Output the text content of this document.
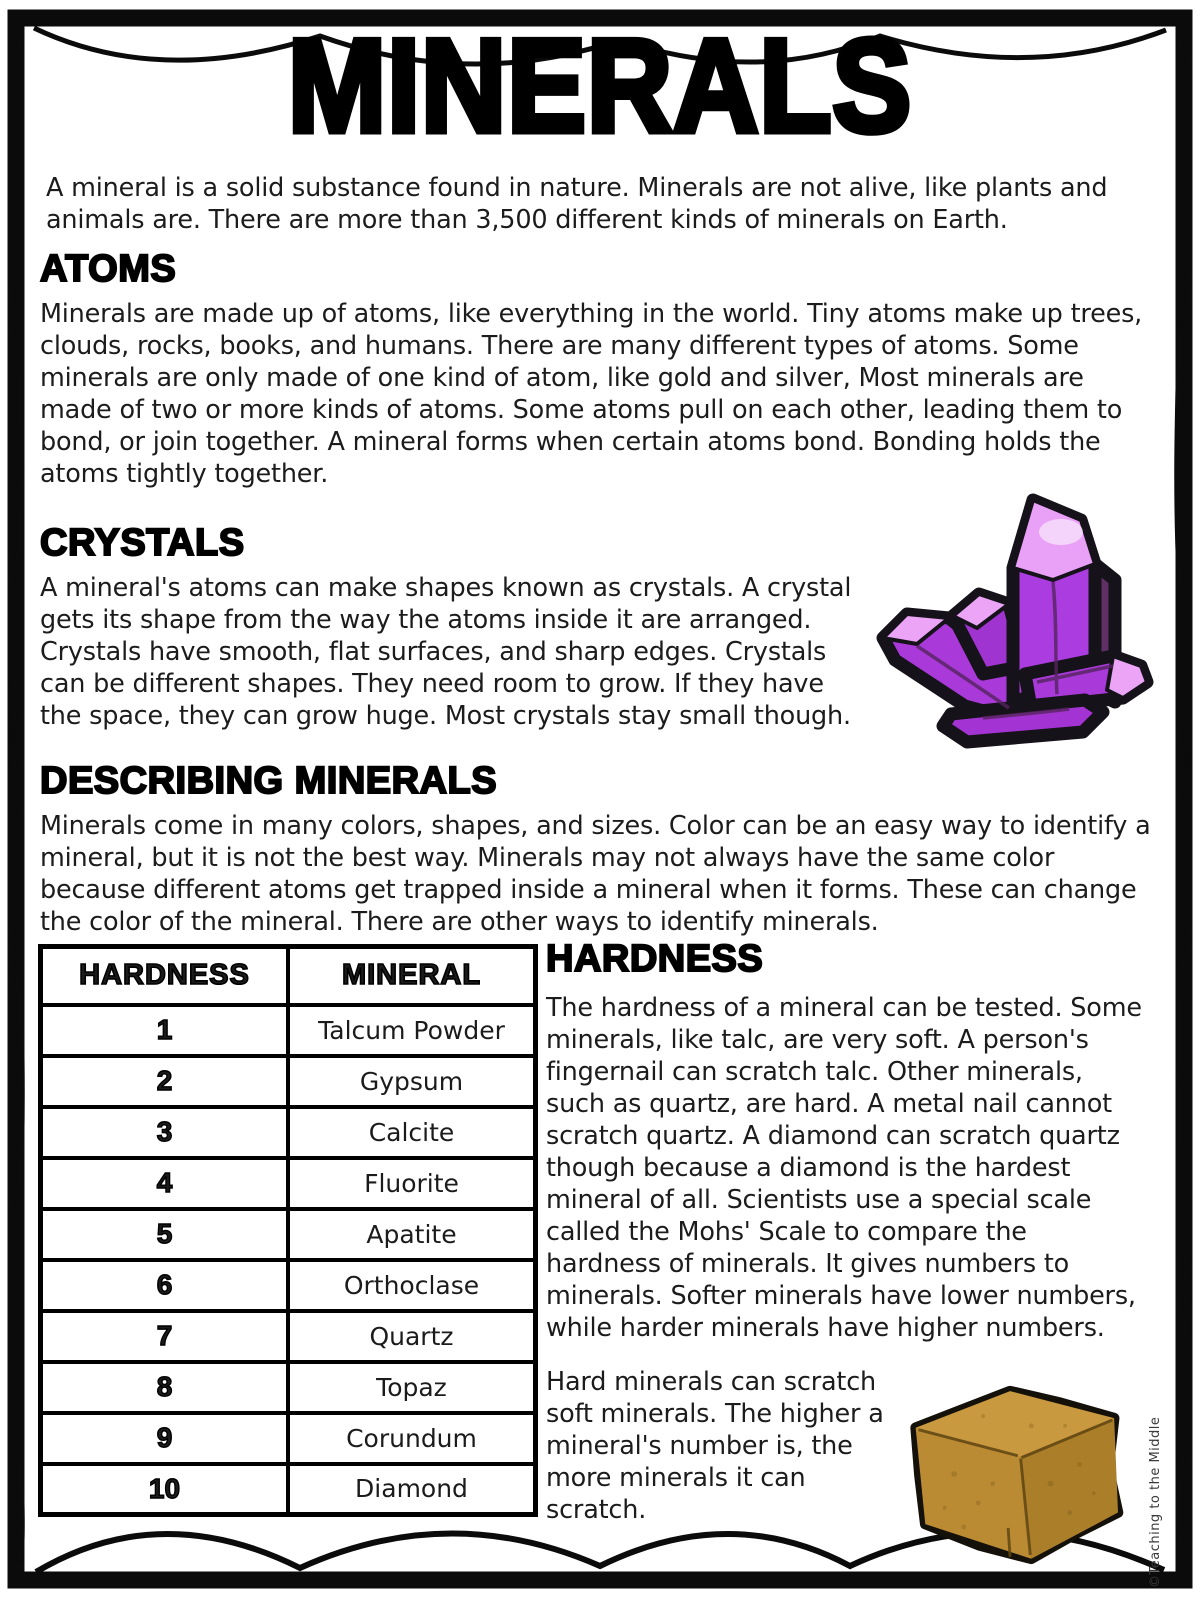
MINERALS

A mineral is a solid substance found in nature. Minerals are not alive, like plants and animals are. There are more than 3,500 different kinds of minerals on Earth.

ATOMS

Minerals are made up of atoms, like everything in the world. Tiny atoms make up trees, clouds, rocks, books, and humans. There are many different types of atoms. Some minerals are only made of one kind of atom, like gold and silver, Most minerals are made of two or more kinds of atoms. Some atoms pull on each other, leading them to bond, or join together. A mineral forms when certain atoms bond. Bonding holds the atoms tightly together.

CRYSTALS

A mineral's atoms can make shapes known as crystals. A crystal gets its shape from the way the atoms inside it are arranged. Crystals have smooth, flat surfaces, and sharp edges. Crystals can be different shapes. They need room to grow. If they have the space, they can grow huge. Most crystals stay small though.

DESCRIBING MINERALS

Minerals come in many colors, shapes, and sizes. Color can be an easy way to identify a mineral, but it is not the best way. Minerals may not always have the same color because different atoms get trapped inside a mineral when it forms. These can change the color of the mineral. There are other ways to identify minerals.

HARDNESS	MINERAL
1	Talcum Powder
2	Gypsum
3	Calcite
4	Fluorite
5	Apatite
6	Orthoclase
7	Quartz
8	Topaz
9	Corundum
10	Diamond
HARDNESS

The hardness of a mineral can be tested. Some minerals, like talc, are very soft. A person's fingernail can scratch talc. Other minerals, such as quartz, are hard. A metal nail cannot scratch quartz. A diamond can scratch quartz though because a diamond is the hardest mineral of all. Scientists use a special scale called the Mohs' Scale to compare the hardness of minerals. It gives numbers to minerals. Softer minerals have lower numbers, while harder minerals have higher numbers.

Hard minerals can scratch soft minerals. The higher a mineral's number is, the more minerals it can scratch.	©Teaching to the Middle
